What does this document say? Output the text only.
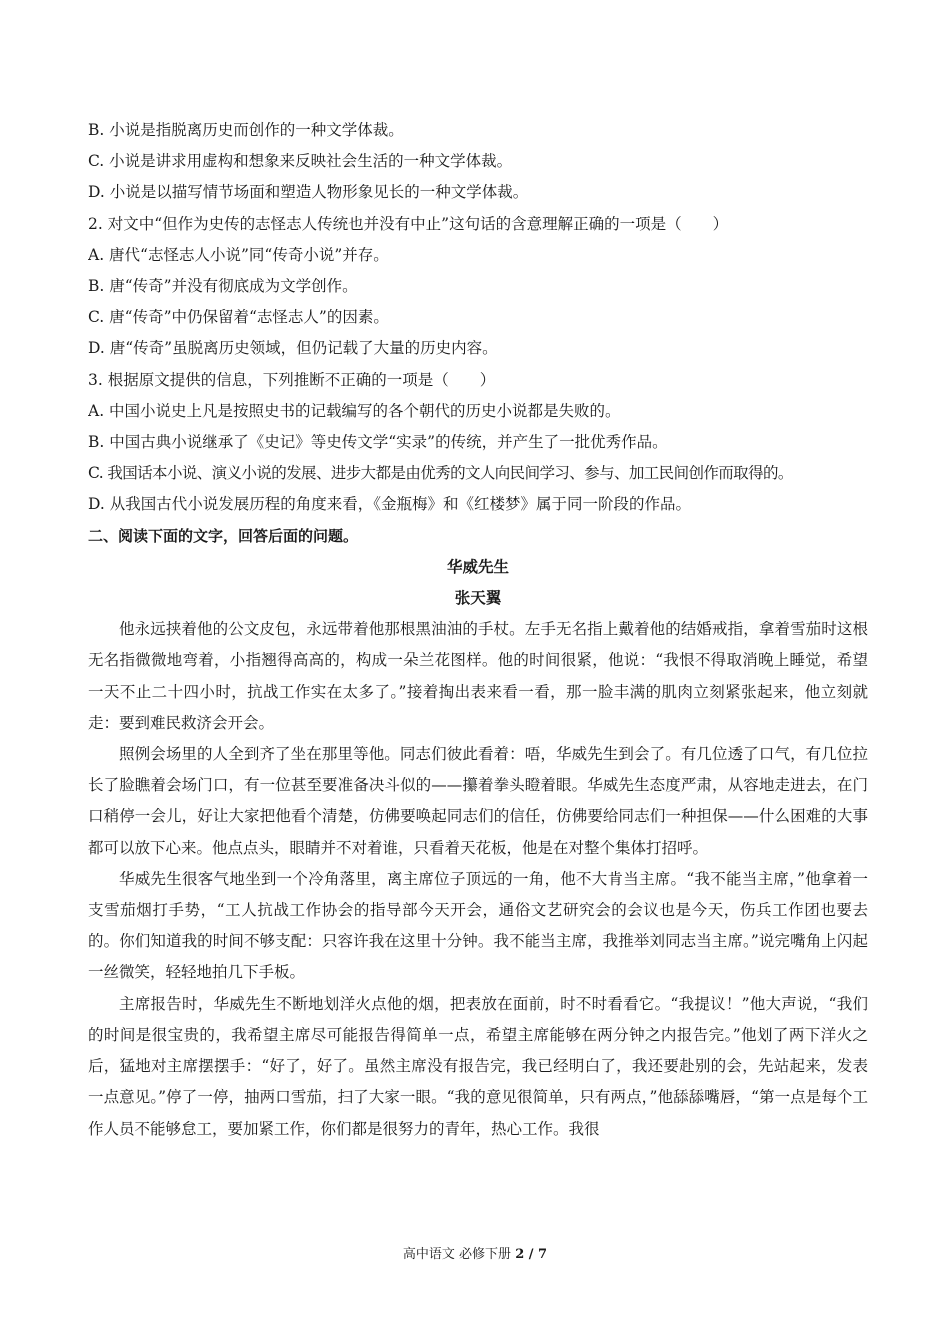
B. 小说是指脱离历史而创作的一种文学体裁。
C. 小说是讲求用虚构和想象来反映社会生活的一种文学体裁。
D. 小说是以描写情节场面和塑造人物形象见长的一种文学体裁。
2. 对文中“但作为史传的志怪志人传统也并没有中止”这句话的含意理解正确的一项是（　　）
A. 唐代“志怪志人小说”同“传奇小说”并存。
B. 唐“传奇”并没有彻底成为文学创作。
C. 唐“传奇”中仍保留着“志怪志人”的因素。
D. 唐“传奇”虽脱离历史领域，但仍记载了大量的历史内容。
3. 根据原文提供的信息，下列推断不正确的一项是（　　）
A. 中国小说史上凡是按照史书的记载编写的各个朝代的历史小说都是失败的。
B. 中国古典小说继承了《史记》等史传文学“实录”的传统，并产生了一批优秀作品。
C. 我国话本小说、演义小说的发展、进步大都是由优秀的文人向民间学习、参与、加工民间创作而取得的。
D. 从我国古代小说发展历程的角度来看，《金瓶梅》和《红楼梦》属于同一阶段的作品。
二、阅读下面的文字，回答后面的问题。
华威先生
张天翼

他永远挟着他的公文皮包，永远带着他那根黑油油的手杖。左手无名指上戴着他的结婚戒指，拿着雪茄时这根无名指微微地弯着，小指翘得高高的，构成一朵兰花图样。他的时间很紧，他说：“我恨不得取消晚上睡觉，希望一天不止二十四小时，抗战工作实在太多了。”接着掏出表来看一看，那一脸丰满的肌肉立刻紧张起来，他立刻就走：要到难民救济会开会。

照例会场里的人全到齐了坐在那里等他。同志们彼此看着：唔，华威先生到会了。有几位透了口气，有几位拉长了脸瞧着会场门口，有一位甚至要准备决斗似的——攥着拳头瞪着眼。华威先生态度严肃，从容地走进去，在门口稍停一会儿，好让大家把他看个清楚，仿佛要唤起同志们的信任，仿佛要给同志们一种担保——什么困难的大事都可以放下心来。他点点头，眼睛并不对着谁，只看着天花板，他是在对整个集体打招呼。

华威先生很客气地坐到一个冷角落里，离主席位子顶远的一角，他不大肯当主席。“我不能当主席，”他拿着一支雪茄烟打手势，“工人抗战工作协会的指导部今天开会，通俗文艺研究会的会议也是今天，伤兵工作团也要去的。你们知道我的时间不够支配：只容许我在这里十分钟。我不能当主席，我推举刘同志当主席。”说完嘴角上闪起一丝微笑，轻轻地拍几下手板。

主席报告时，华威先生不断地划洋火点他的烟，把表放在面前，时不时看看它。“我提议！”他大声说，“我们的时间是很宝贵的，我希望主席尽可能报告得简单一点，希望主席能够在两分钟之内报告完。”他划了两下洋火之后，猛地对主席摆摆手：“好了，好了。虽然主席没有报告完，我已经明白了，我还要赴别的会，先站起来，发表一点意见。”停了一停，抽两口雪茄，扫了大家一眼。“我的意见很简单，只有两点，”他舔舔嘴唇，“第一点是每个工作人员不能够怠工，要加紧工作，你们都是很努力的青年，热心工作。我很

高中语文 必修下册 2 / 7
